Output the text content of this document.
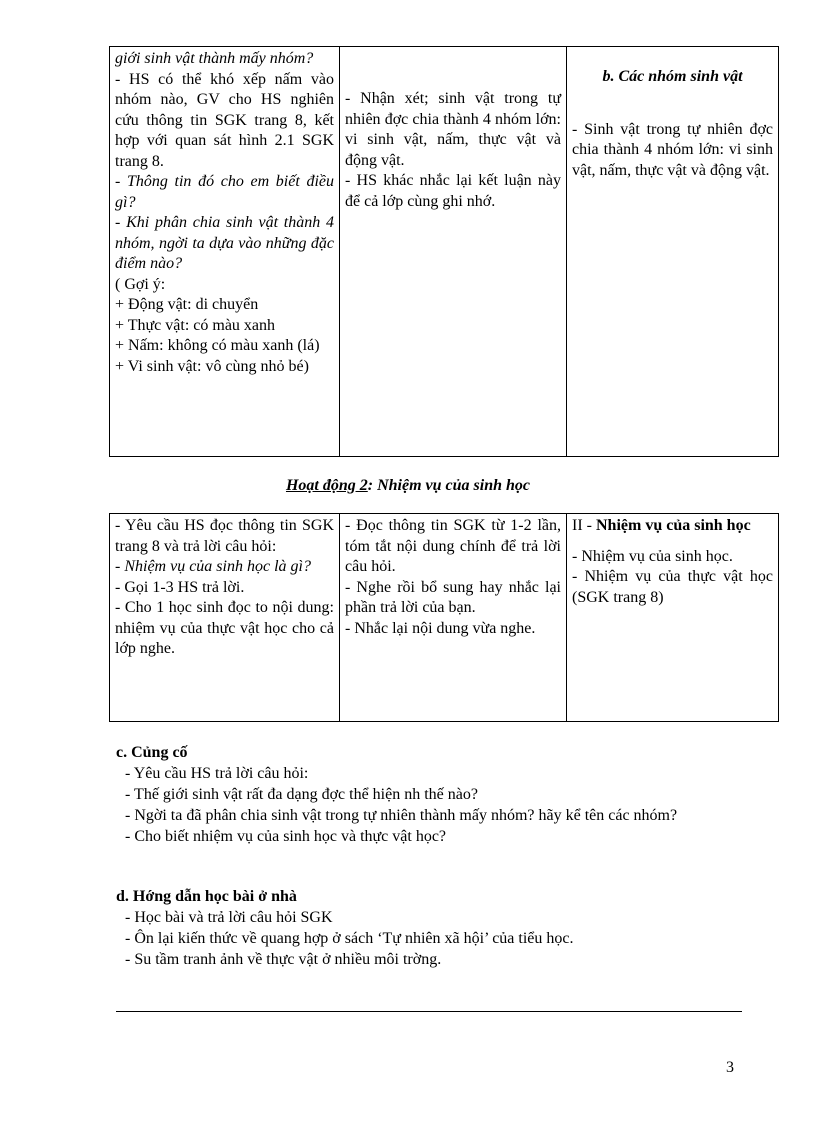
giới sinh vật thành mấy nhóm?
- HS có thể khó xếp nấm vào nhóm nào, GV cho HS nghiên cứu thông tin SGK trang 8, kết hợp với quan sát hình 2.1 SGK trang 8.
- Thông tin đó cho em biết điều gì?
- Khi phân chia sinh vật thành 4 nhóm, ngời ta dựa vào những đặc điểm nào?
( Gợi ý:
+ Động vật: di chuyển
+ Thực vật: có màu xanh
+ Nấm: không có màu xanh (lá)
+ Vi sinh vật: vô cùng nhỏ bé)

- Nhận xét; sinh vật trong tự nhiên đợc chia thành 4 nhóm lớn: vi sinh vật, nấm, thực vật và động vật.
- HS khác nhắc lại kết luận này để cả lớp cùng ghi nhớ.

b. Các nhóm sinh vật
- Sinh vật trong tự nhiên đợc chia thành 4 nhóm lớn: vi sinh vật, nấm, thực vật và động vật.
Hoạt động 2: Nhiệm vụ của sinh học
- Yêu cầu HS đọc thông tin SGK trang 8 và trả lời câu hỏi:
- Nhiệm vụ của sinh học là gì?
- Gọi 1-3 HS trả lời.
- Cho 1 học sinh đọc to nội dung: nhiệm vụ của thực vật học cho cả lớp nghe.

- Đọc thông tin SGK từ 1-2 lần, tóm tắt nội dung chính để trả lời câu hỏi.
- Nghe rồi bổ sung hay nhắc lại phần trả lời của bạn.
- Nhắc lại nội dung vừa nghe.

II - Nhiệm vụ của sinh học
- Nhiệm vụ của sinh học.
- Nhiệm vụ của thực vật học (SGK trang 8)
c. Củng cố
- Yêu cầu HS trả lời câu hỏi:
- Thế giới sinh vật rất đa dạng đợc thể hiện nh thế nào?
- Ngời ta đã phân chia sinh vật trong tự nhiên thành mấy nhóm? hãy kể tên các nhóm?
- Cho biết nhiệm vụ của sinh học và thực vật học?
d. Hớng dẫn học bài ở nhà
- Học bài và trả lời câu hỏi SGK
- Ôn lại kiến thức về quang hợp ở sách ‘Tự nhiên xã hội’ của tiểu học.
- Su tầm tranh ảnh về thực vật ở nhiều môi trờng.
3
